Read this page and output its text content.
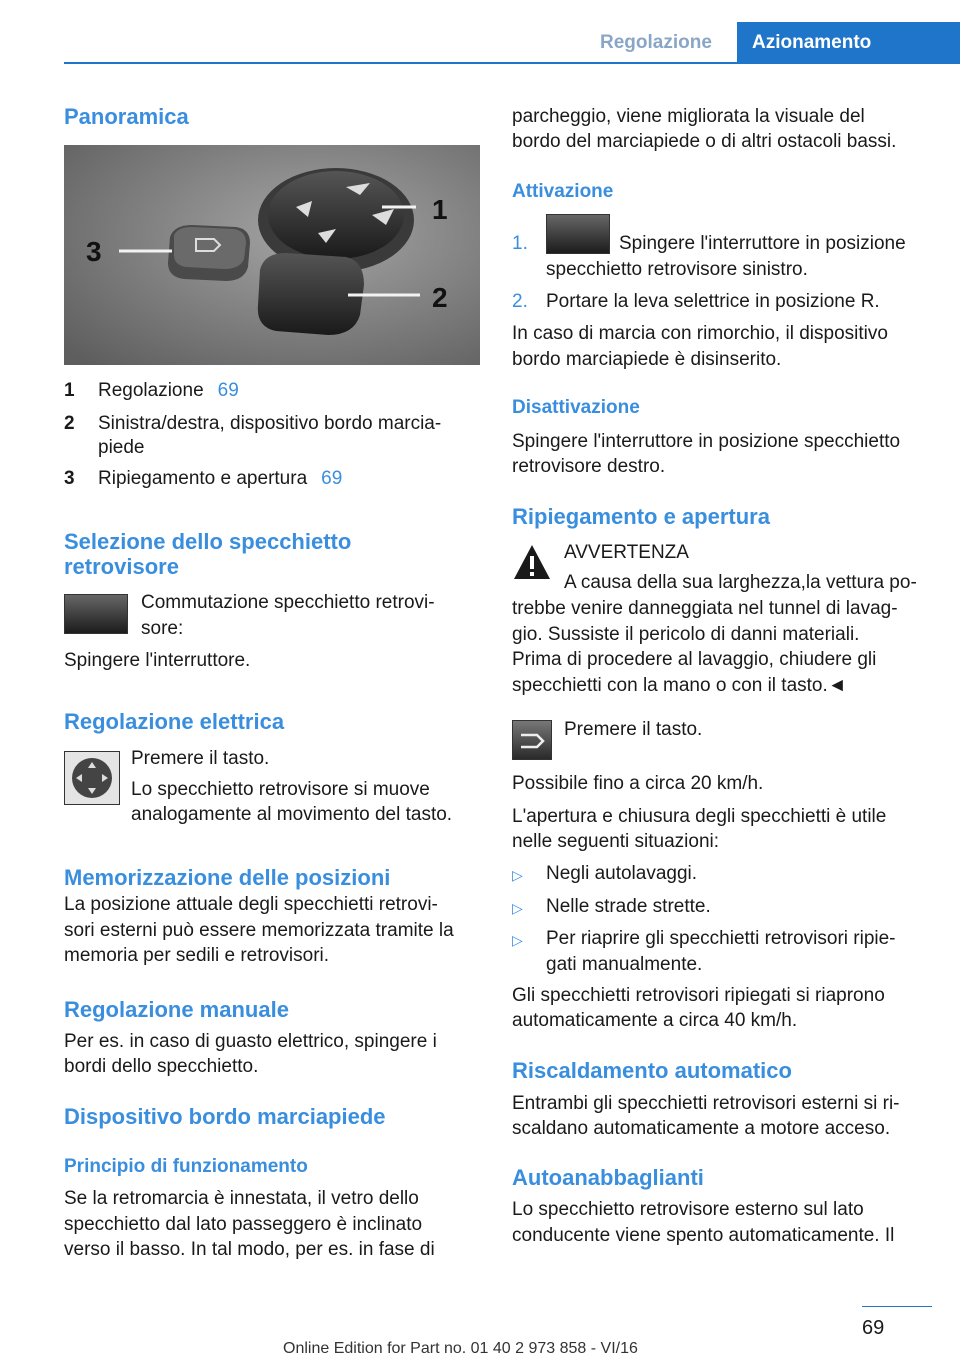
Regolazione	Azionamento
Panoramica
3
1
2
1 Regolazione 69
2 Sinistra/destra, dispositivo bordo marcia‐
piede
3 Ripiegamento e apertura 69
Selezione dello specchietto
retrovisore
Commutazione specchietto retrovi‐
sore:
Spingere l'interruttore.
Regolazione elettrica
Premere il tasto.
Lo specchietto retrovisore si muove
analogamente al movimento del tasto.
Memorizzazione delle posizioni
La posizione attuale degli specchietti retrovi‐
sori esterni può essere memorizzata tramite la
memoria per sedili e retrovisori.
Regolazione manuale
Per es. in caso di guasto elettrico, spingere i
bordi dello specchietto.
Dispositivo bordo marciapiede
Principio di funzionamento
Se la retromarcia è innestata, il vetro dello
specchietto dal lato passeggero è inclinato
verso il basso. In tal modo, per es. in fase di
parcheggio, viene migliorata la visuale del
bordo del marciapiede o di altri ostacoli bassi.
Attivazione
1.	Spingere l'interruttore in posizione
specchietto retrovisore sinistro.
2. Portare la leva selettrice in posizione R.
In caso di marcia con rimorchio, il dispositivo
bordo marciapiede è disinserito.
Disattivazione
Spingere l'interruttore in posizione specchietto
retrovisore destro.
Ripiegamento e apertura
AVVERTENZA
A causa della sua larghezza,la vettura po‐
trebbe venire danneggiata nel tunnel di lavag‐
gio. Sussiste il pericolo di danni materiali.
Prima di procedere al lavaggio, chiudere gli
specchietti con la mano o con il tasto.◄
Premere il tasto.
Possibile fino a circa 20 km/h.
L'apertura e chiusura degli specchietti è utile
nelle seguenti situazioni:
▷ Negli autolavaggi.
▷ Nelle strade strette.
▷ Per riaprire gli specchietti retrovisori ripie‐
gati manualmente.
Gli specchietti retrovisori ripiegati si riaprono
automaticamente a circa 40 km/h.
Riscaldamento automatico
Entrambi gli specchietti retrovisori esterni si ri‐
scaldano automaticamente a motore acceso.
Autoanabbaglianti
Lo specchietto retrovisore esterno sul lato
conducente viene spento automaticamente. Il
69
Online Edition for Part no. 01 40 2 973 858 - VI/16
